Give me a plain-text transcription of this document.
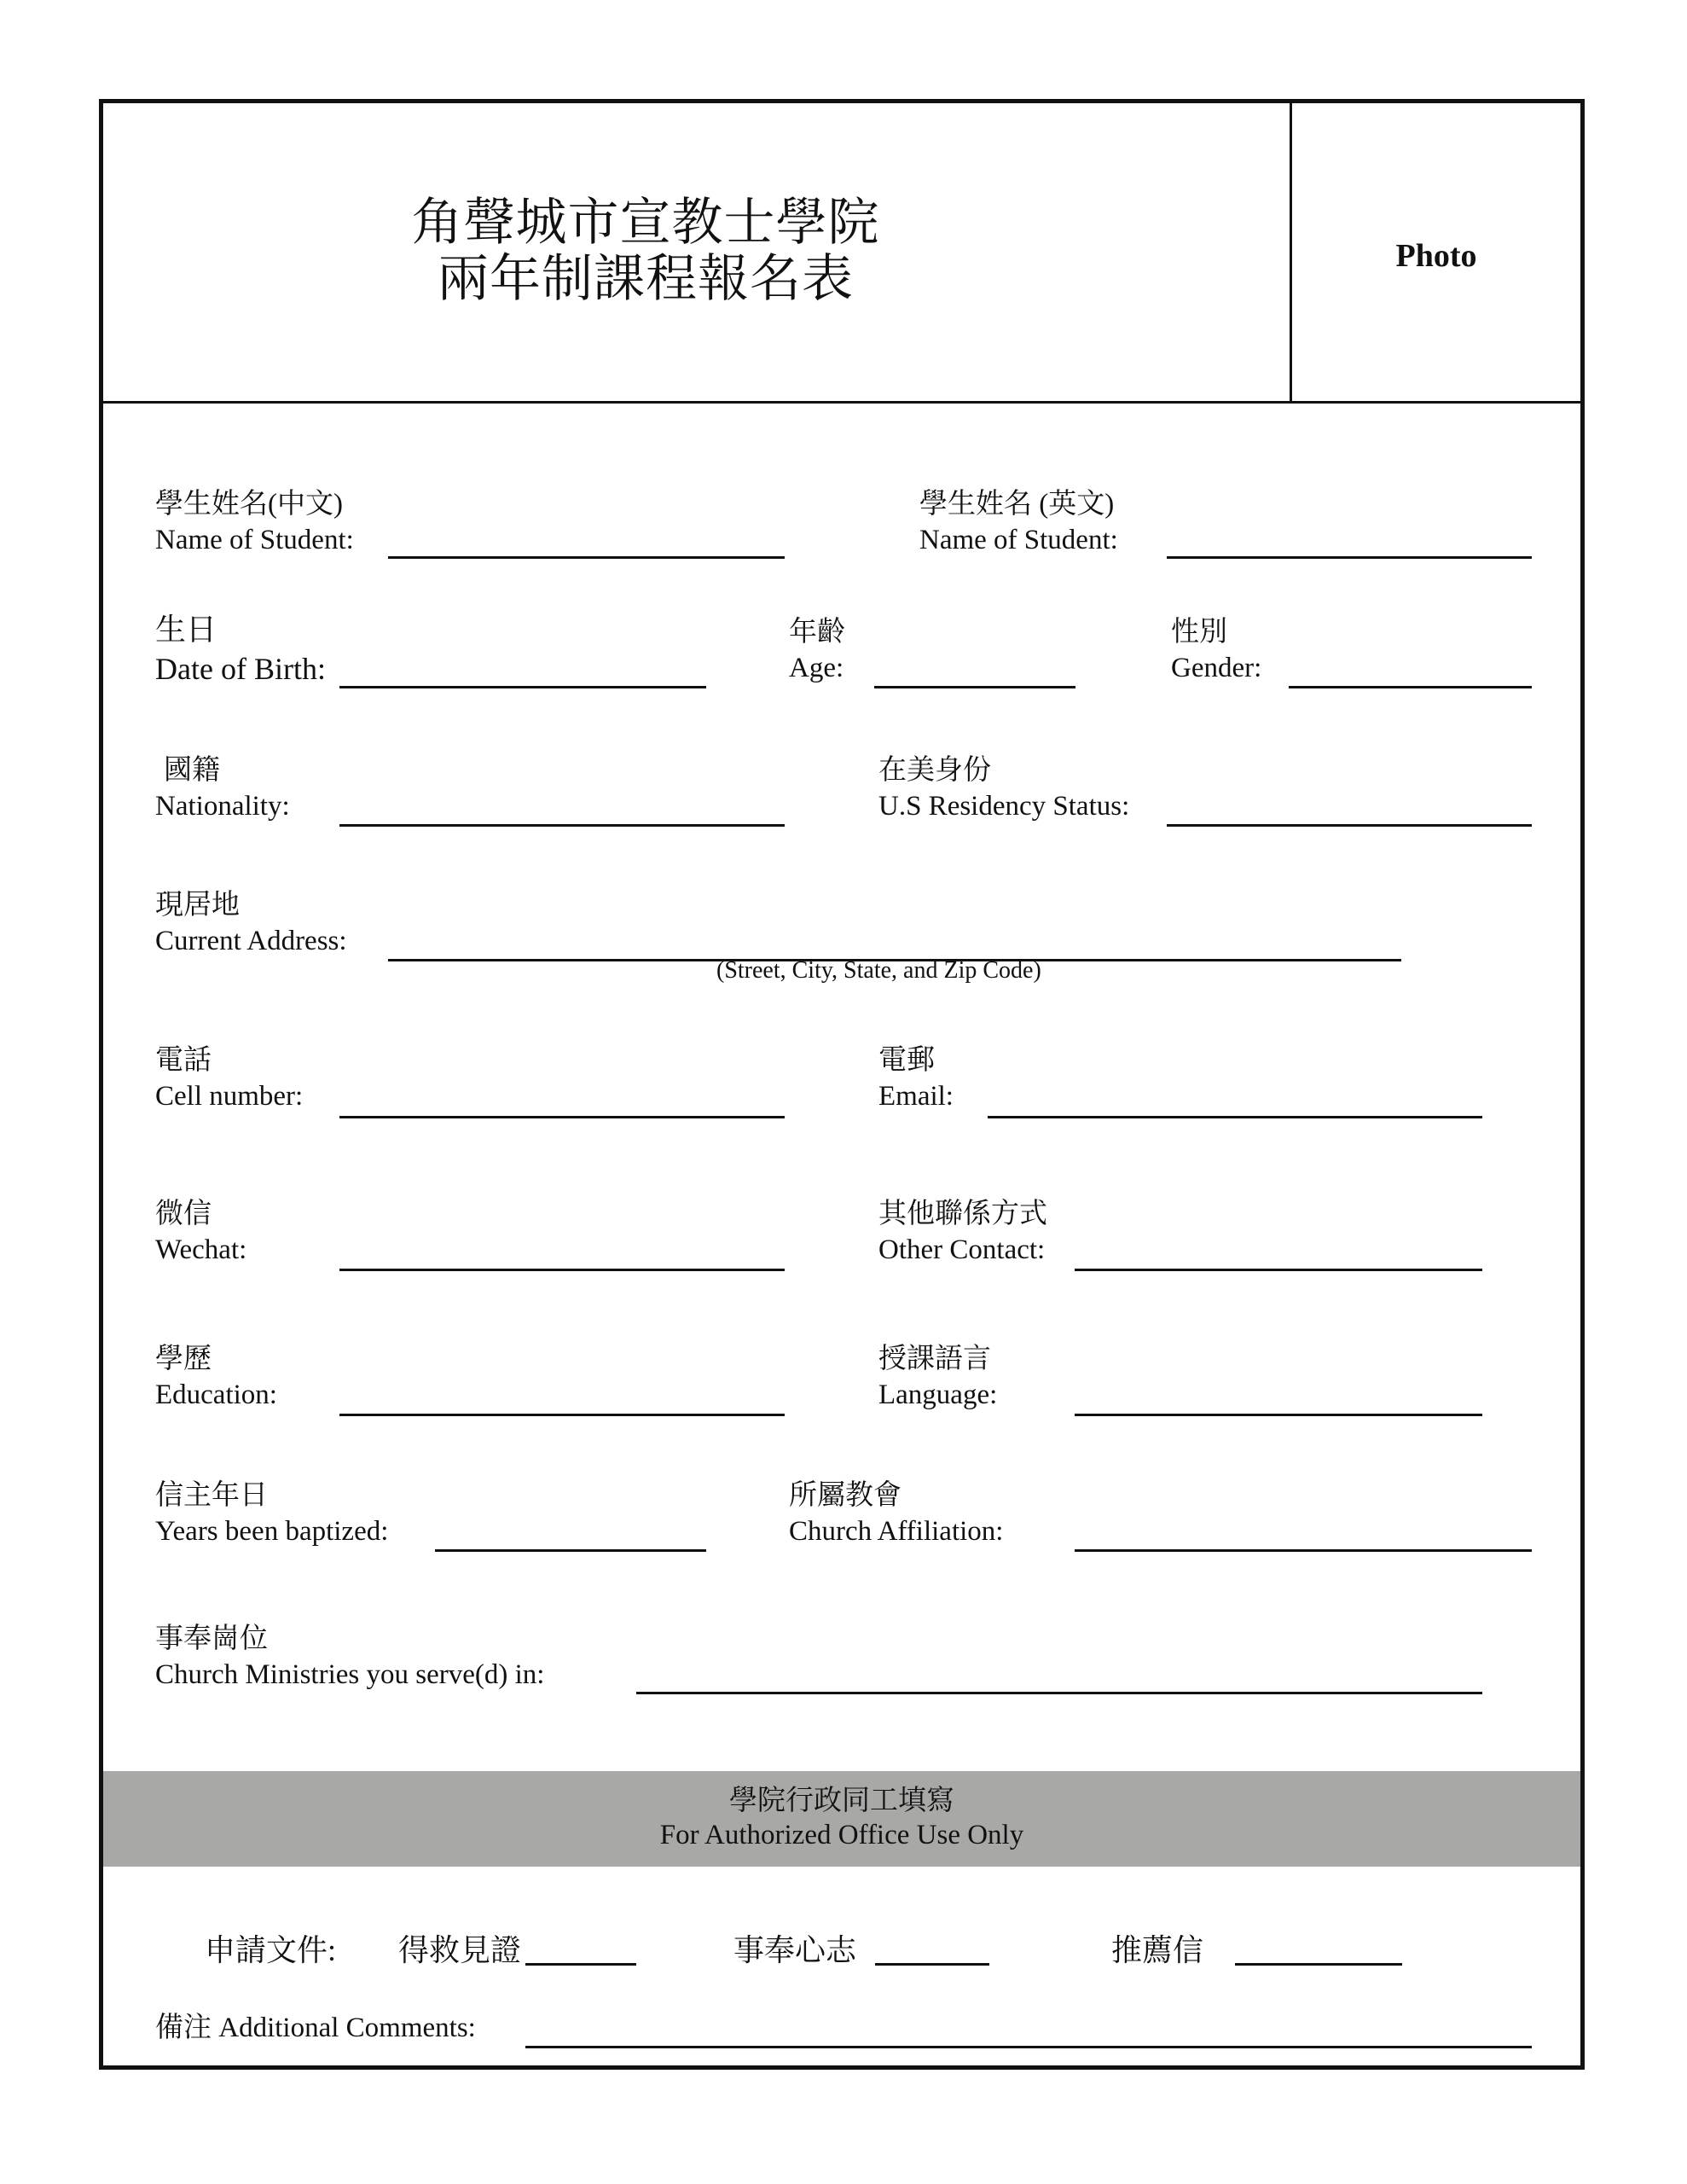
角聲城市宣教士學院
兩年制課程報名表	Photo
學生姓名(中文)
Name of Student:
學生姓名 (英文)
Name of Student:
生日
Date of Birth:
年齡
Age:
性別
Gender:
國籍
Nationality:
在美身份
U.S Residency Status:
現居地
Current Address:
(Street, City, State, and Zip Code)
電話
Cell number:
電郵
Email:
微信
Wechat:
其他聯係方式
Other Contact:
學歷
Education:
授課語言
Language:
信主年日
Years been baptized:
所屬教會
Church Affiliation:
事奉崗位
Church Ministries you serve(d) in:
學院行政同工填寫
For Authorized Office Use Only
申請文件: 得救見證	事奉心志	推薦信
備注 Additional Comments:
